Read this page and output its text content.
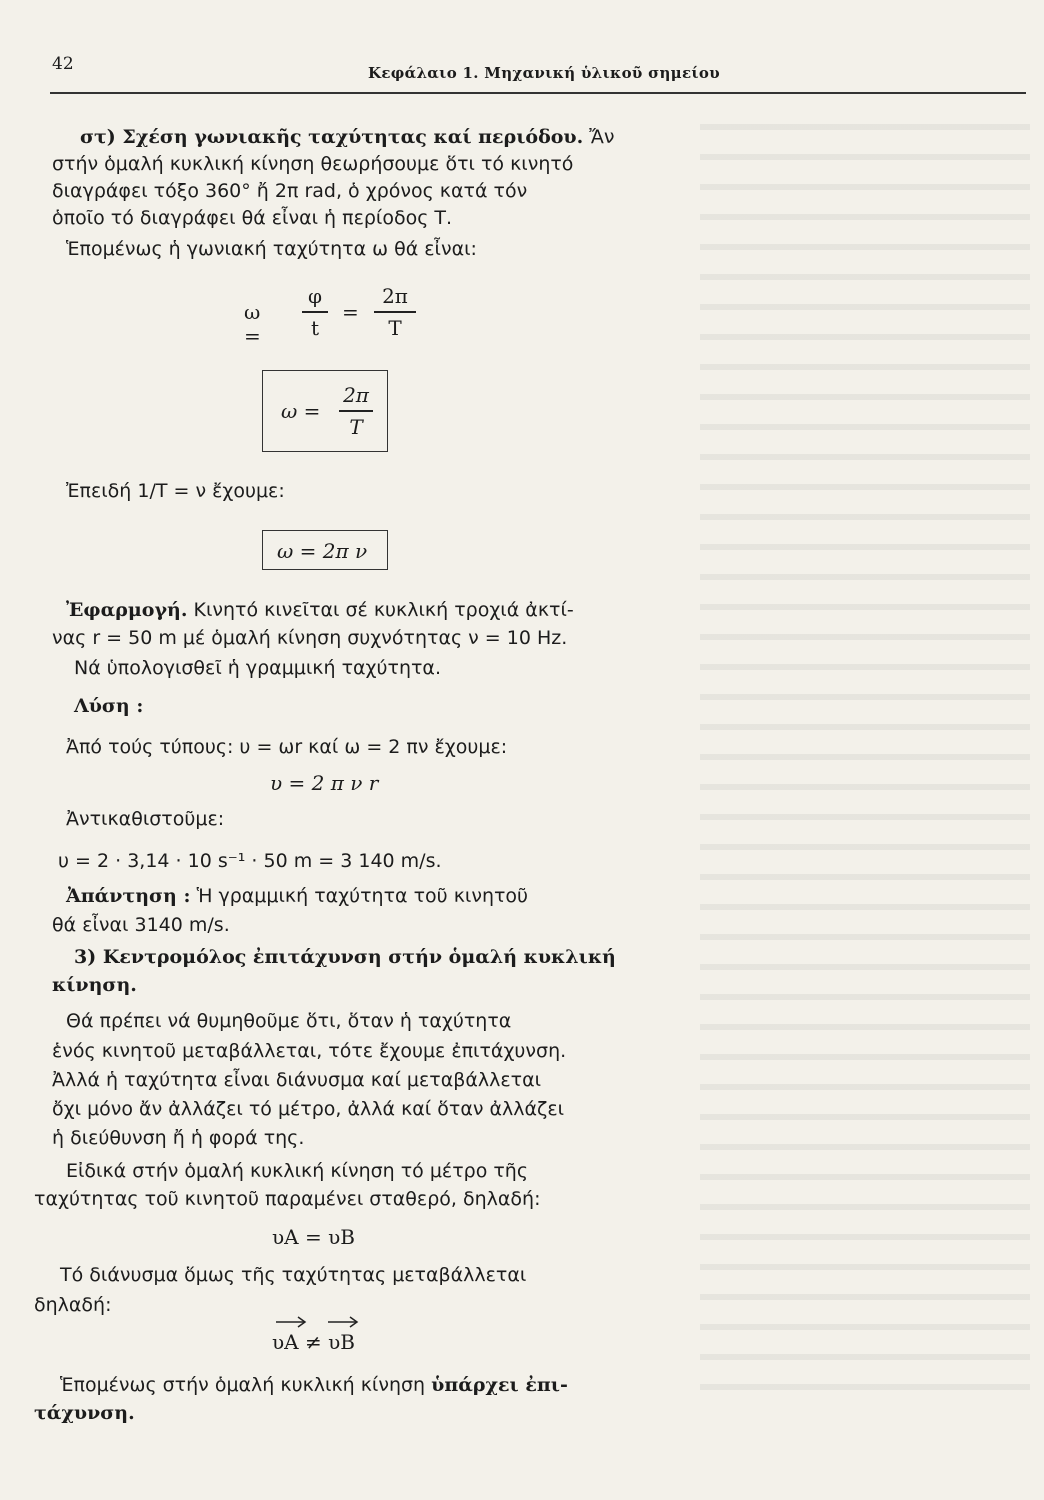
42	Κεφάλαιο 1. Μηχανική ὑλικοῦ σημείου
στ) Σχέση γωνιακῆς ταχύτητας καί περιόδου. Ἄν
στήν ὁμαλή κυκλική κίνηση θεωρήσουμε ὅτι τό κινητό
διαγράφει τόξο 360° ἤ 2π rad, ὁ χρόνος κατά τόν
ὁποῖο τό διαγράφει θά εἶναι ἡ περίοδος Τ.
Ἑπομένως ἡ γωνιακή ταχύτητα ω θά εἶναι:
ω =
φ
t
=
2π
T
ω =
2π
T
Ἐπειδή 1/Τ = ν ἔχουμε:
ω = 2π ν
Ἐφαρμογή. Κινητό κινεῖται σέ κυκλική τροχιά ἀκτί-
νας r = 50 m μέ ὁμαλή κίνηση συχνότητας ν = 10 Hz.
Νά ὑπολογισθεῖ ἡ γραμμική ταχύτητα.
Λύση :
Ἀπό τούς τύπους: υ = ωr καί ω = 2 πν ἔχουμε:
υ = 2 π ν r
Ἀντικαθιστοῦμε:
υ = 2 · 3,14 · 10 s⁻¹ · 50 m = 3 140 m/s.
Ἀπάντηση : Ἡ γραμμική ταχύτητα τοῦ κινητοῦ
θά εἶναι 3140 m/s.
3) Κεντρομόλος ἐπιτάχυνση στήν ὁμαλή κυκλική
κίνηση.
Θά πρέπει νά θυμηθοῦμε ὅτι, ὅταν ἡ ταχύτητα
ἑνός κινητοῦ μεταβάλλεται, τότε ἔχουμε ἐπιτάχυνση.
Ἀλλά ἡ ταχύτητα εἶναι διάνυσμα καί μεταβάλλεται
ὄχι μόνο ἄν ἀλλάζει τό μέτρο, ἀλλά καί ὅταν ἀλλάζει
ἡ διεύθυνση ἤ ἡ φορά της.
Εἰδικά στήν ὁμαλή κυκλική κίνηση τό μέτρο τῆς
ταχύτητας τοῦ κινητοῦ παραμένει σταθερό, δηλαδή:
υA = υB
Τό διάνυσμα ὅμως τῆς ταχύτητας μεταβάλλεται
δηλαδή:
υA ≠ υB
Ἑπομένως στήν ὁμαλή κυκλική κίνηση ὑπάρχει ἐπι-
τάχυνση.
